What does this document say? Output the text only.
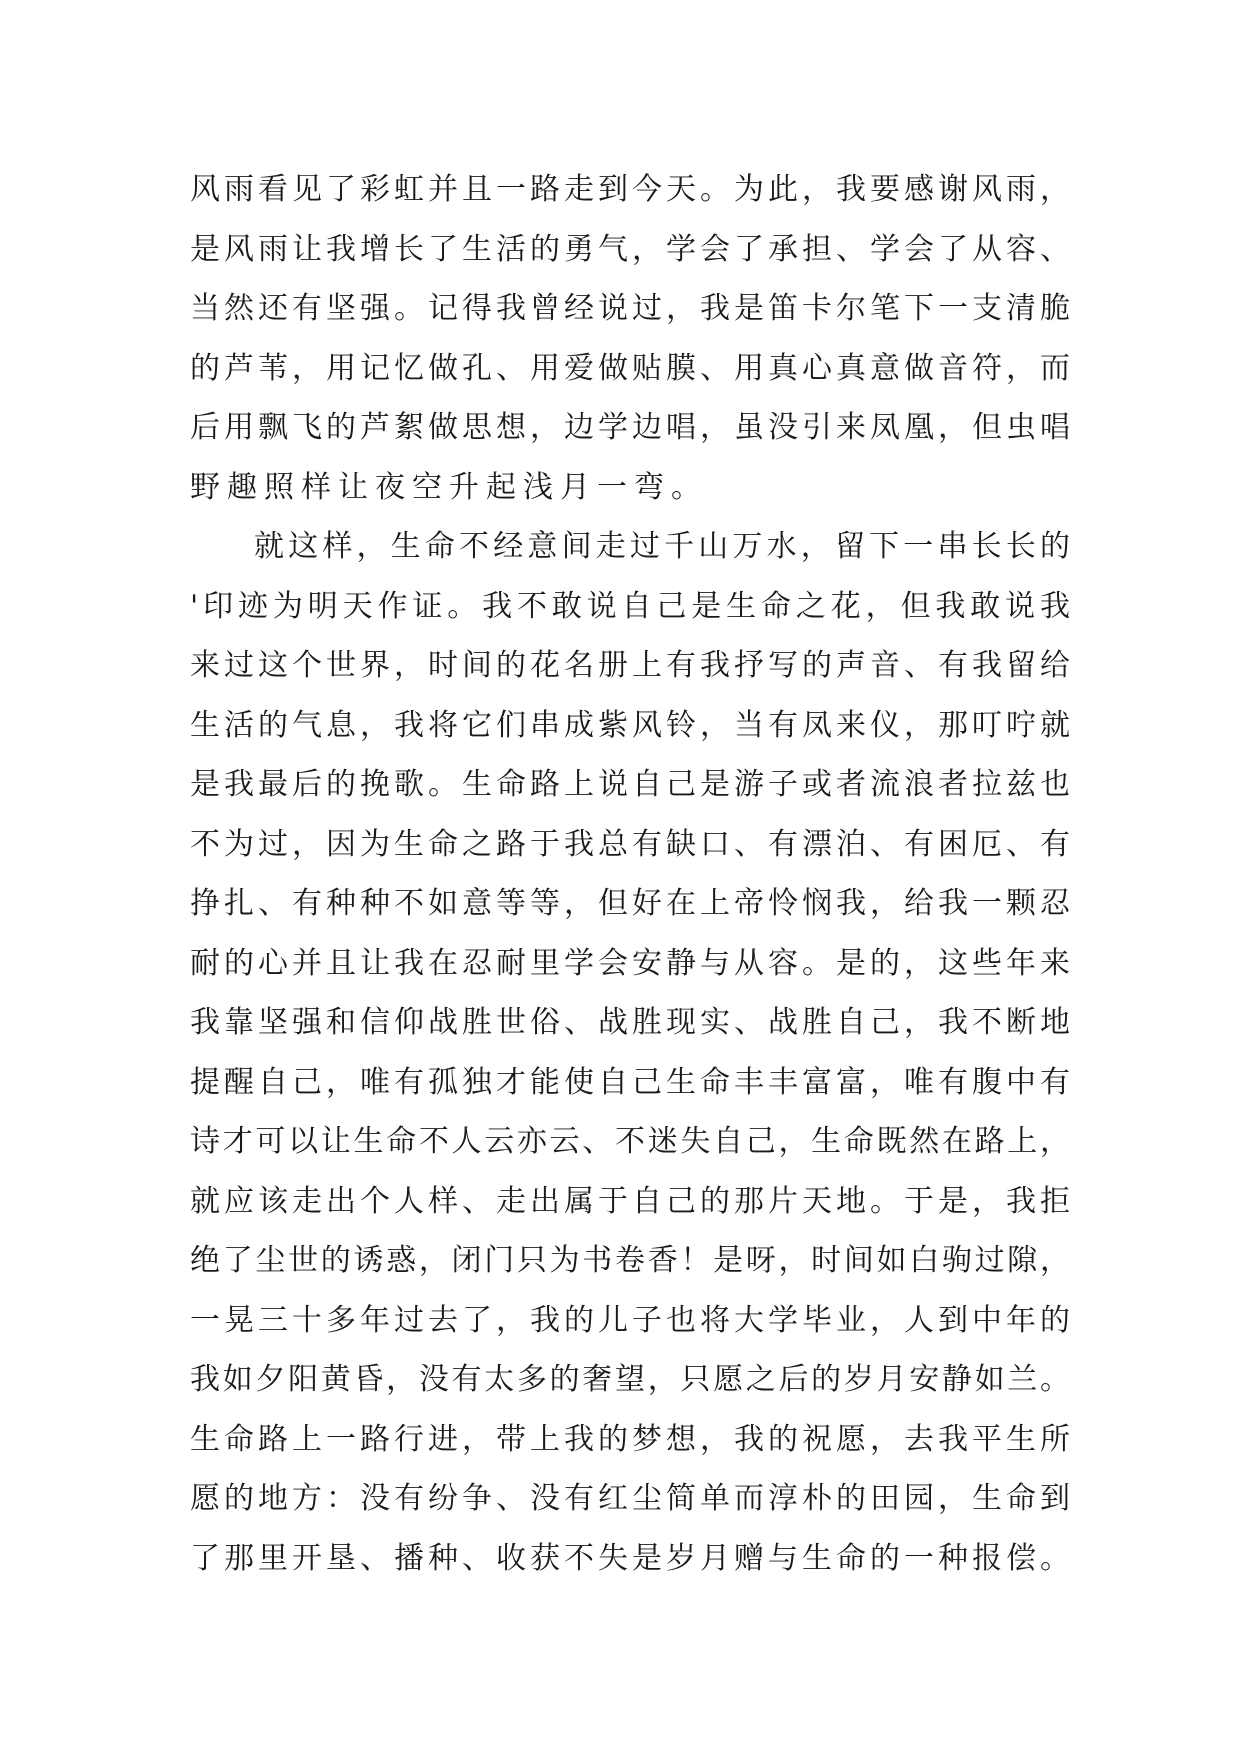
风雨看见了彩虹并且一路走到今天。为此，我要感谢风雨，
是风雨让我增长了生活的勇气，学会了承担、学会了从容、
当然还有坚强。记得我曾经说过，我是笛卡尔笔下一支清脆
的芦苇，用记忆做孔、用爱做贴膜、用真心真意做音符，而
后用飘飞的芦絮做思想，边学边唱，虽没引来凤凰，但虫唱
野趣照样让夜空升起浅月一弯。
就这样，生命不经意间走过千山万水，留下一串长长的
'印迹为明天作证。我不敢说自己是生命之花，但我敢说我
来过这个世界，时间的花名册上有我抒写的声音、有我留给
生活的气息，我将它们串成紫风铃，当有凤来仪，那叮咛就
是我最后的挽歌。生命路上说自己是游子或者流浪者拉兹也
不为过，因为生命之路于我总有缺口、有漂泊、有困厄、有
挣扎、有种种不如意等等，但好在上帝怜悯我，给我一颗忍
耐的心并且让我在忍耐里学会安静与从容。是的，这些年来
我靠坚强和信仰战胜世俗、战胜现实、战胜自己，我不断地
提醒自己，唯有孤独才能使自己生命丰丰富富，唯有腹中有
诗才可以让生命不人云亦云、不迷失自己，生命既然在路上，
就应该走出个人样、走出属于自己的那片天地。于是，我拒
绝了尘世的诱惑，闭门只为书卷香！是呀，时间如白驹过隙，
一晃三十多年过去了，我的儿子也将大学毕业，人到中年的
我如夕阳黄昏，没有太多的奢望，只愿之后的岁月安静如兰。
生命路上一路行进，带上我的梦想，我的祝愿，去我平生所
愿的地方：没有纷争、没有红尘简单而淳朴的田园，生命到
了那里开垦、播种、收获不失是岁月赠与生命的一种报偿。
